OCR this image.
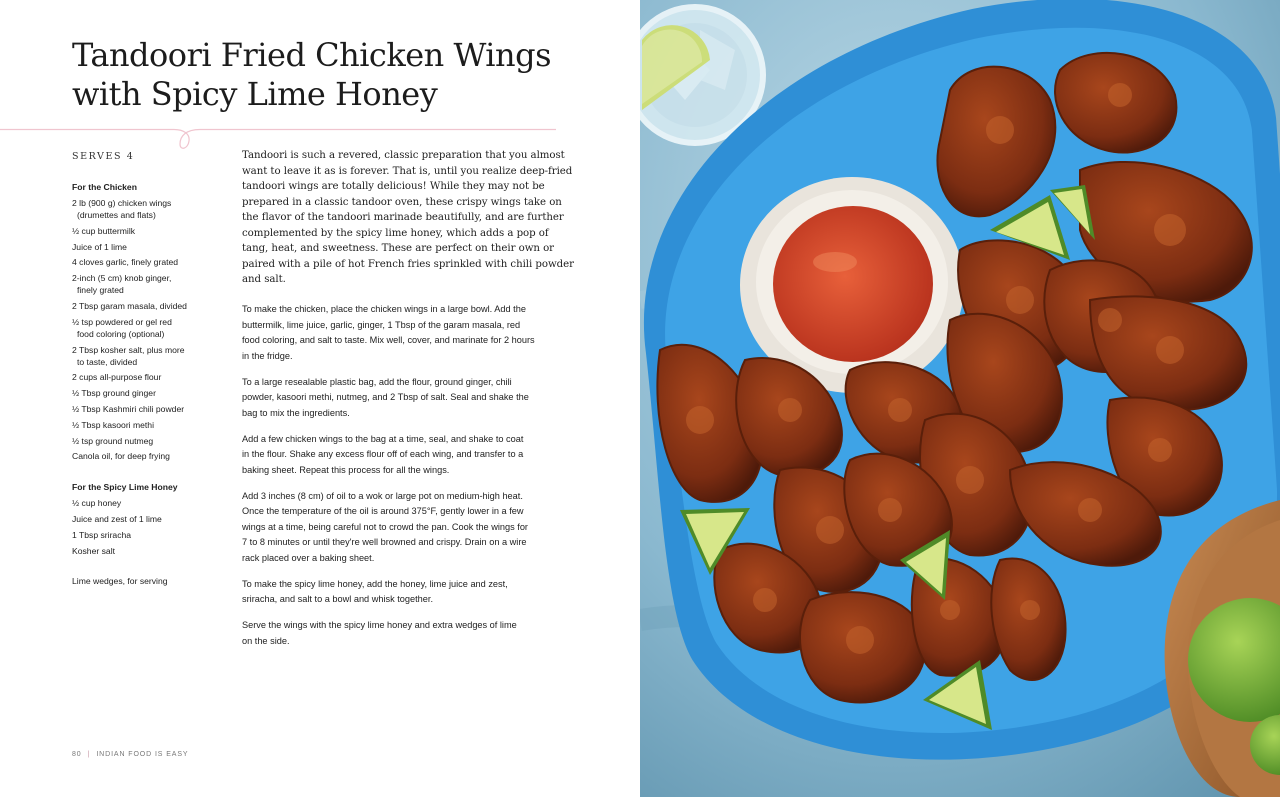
Tandoori Fried Chicken Wings
with Spicy Lime Honey
SERVES 4
For the Chicken
2 lb (900 g) chicken wings
(drumettes and flats)
½ cup buttermilk
Juice of 1 lime
4 cloves garlic, finely grated
2-inch (5 cm) knob ginger,
finely grated
2 Tbsp garam masala, divided
½ tsp powdered or gel red
food coloring (optional)
2 Tbsp kosher salt, plus more
to taste, divided
2 cups all-purpose flour
½ Tbsp ground ginger
½ Tbsp Kashmiri chili powder
½ Tbsp kasoori methi
½ tsp ground nutmeg
Canola oil, for deep frying
For the Spicy Lime Honey
½ cup honey
Juice and zest of 1 lime
1 Tbsp sriracha
Kosher salt
Lime wedges, for serving
Tandoori is such a revered, classic preparation that you almost
want to leave it as is forever. That is, until you realize deep-fried
tandoori wings are totally delicious! While they may not be
prepared in a classic tandoor oven, these crispy wings take on
the flavor of the tandoori marinade beautifully, and are further
complemented by the spicy lime honey, which adds a pop of
tang, heat, and sweetness. These are perfect on their own or
paired with a pile of hot French fries sprinkled with chili powder
and salt.
To make the chicken, place the chicken wings in a large bowl. Add the
buttermilk, lime juice, garlic, ginger, 1 Tbsp of the garam masala, red
food coloring, and salt to taste. Mix well, cover, and marinate for 2 hours
in the fridge.
To a large resealable plastic bag, add the flour, ground ginger, chili
powder, kasoori methi, nutmeg, and 2 Tbsp of salt. Seal and shake the
bag to mix the ingredients.
Add a few chicken wings to the bag at a time, seal, and shake to coat
in the flour. Shake any excess flour off of each wing, and transfer to a
baking sheet. Repeat this process for all the wings.
Add 3 inches (8 cm) of oil to a wok or large pot on medium-high heat.
Once the temperature of the oil is around 375°F, gently lower in a few
wings at a time, being careful not to crowd the pan. Cook the wings for
7 to 8 minutes or until they're well browned and crispy. Drain on a wire
rack placed over a baking sheet.
To make the spicy lime honey, add the honey, lime juice and zest,
sriracha, and salt to a bowl and whisk together.
Serve the wings with the spicy lime honey and extra wedges of lime
on the side.
80 | INDIAN FOOD IS EASY
